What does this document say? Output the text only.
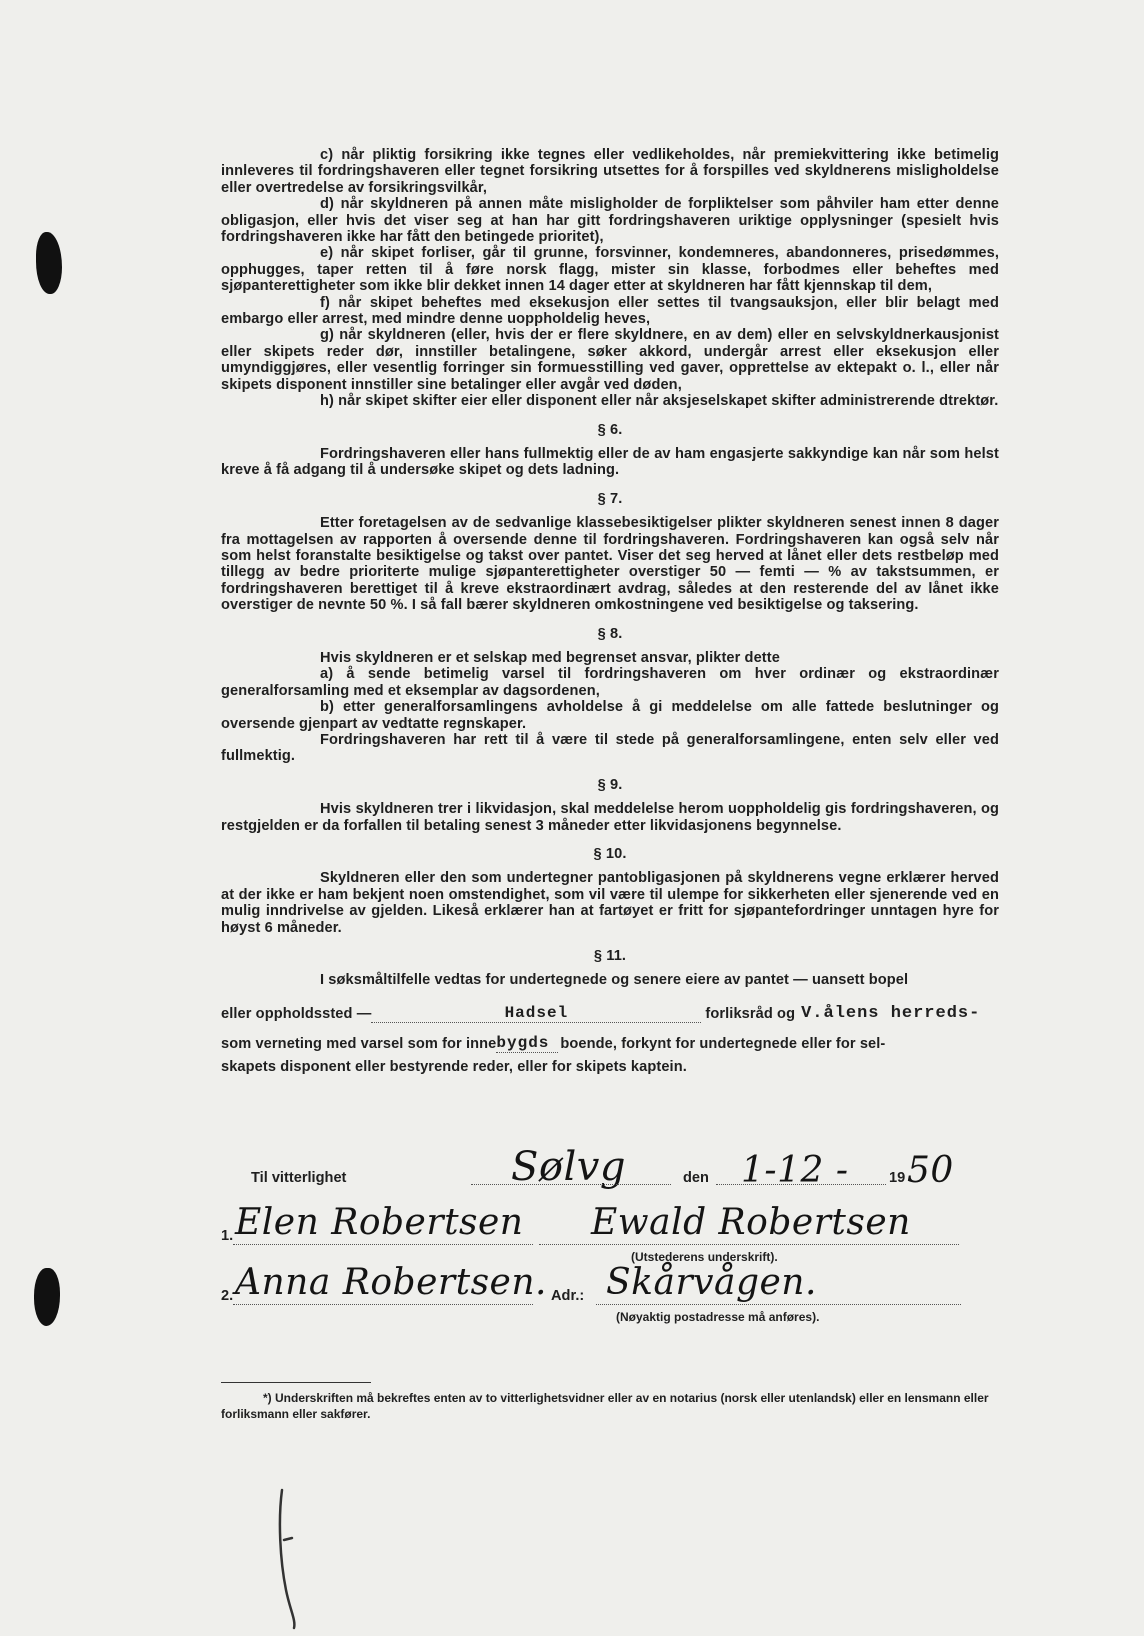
c) når pliktig forsikring ikke tegnes eller vedlikeholdes, når premiekvittering ikke betimelig innleveres til fordringshaveren eller tegnet forsikring utsettes for å forspilles ved skyldnerens misligholdelse eller overtredelse av forsikringsvilkår,

d) når skyldneren på annen måte misligholder de forpliktelser som påhviler ham etter denne obligasjon, eller hvis det viser seg at han har gitt fordringshaveren uriktige opplysninger (spesielt hvis fordringshaveren ikke har fått den betingede prioritet),

e) når skipet forliser, går til grunne, forsvinner, kondemneres, abandonneres, prisedømmes, opphugges, taper retten til å føre norsk flagg, mister sin klasse, forbodmes eller beheftes med sjøpanterettigheter som ikke blir dekket innen 14 dager etter at skyldneren har fått kjennskap til dem,

f) når skipet beheftes med eksekusjon eller settes til tvangsauksjon, eller blir belagt med embargo eller arrest, med mindre denne uoppholdelig heves,

g) når skyldneren (eller, hvis der er flere skyldnere, en av dem) eller en selvskyldnerkausjonist eller skipets reder dør, innstiller betalingene, søker akkord, undergår arrest eller eksekusjon eller umyndiggjøres, eller vesentlig forringer sin formuesstilling ved gaver, opprettelse av ektepakt o. l., eller når skipets disponent innstiller sine betalinger eller avgår ved døden,

h) når skipet skifter eier eller disponent eller når aksjeselskapet skifter administrerende dtrektør.

§ 6.

Fordringshaveren eller hans fullmektig eller de av ham engasjerte sakkyndige kan når som helst kreve å få adgang til å undersøke skipet og dets ladning.

§ 7.

Etter foretagelsen av de sedvanlige klassebesiktigelser plikter skyldneren senest innen 8 dager fra mottagelsen av rapporten å oversende denne til fordringshaveren. Fordringshaveren kan også selv når som helst foranstalte besiktigelse og takst over pantet. Viser det seg herved at lånet eller dets restbeløp med tillegg av bedre prioriterte mulige sjøpanterettigheter overstiger 50 — femti — % av takstsummen, er fordringshaveren berettiget til å kreve ekstraordinært avdrag, således at den resterende del av lånet ikke overstiger de nevnte 50 %. I så fall bærer skyldneren omkostningene ved besiktigelse og taksering.

§ 8.

Hvis skyldneren er et selskap med begrenset ansvar, plikter dette

a) å sende betimelig varsel til fordringshaveren om hver ordinær og ekstraordinær generalforsamling med et eksemplar av dagsordenen,

b) etter generalforsamlingens avholdelse å gi meddelelse om alle fattede beslutninger og oversende gjenpart av vedtatte regnskaper.

Fordringshaveren har rett til å være til stede på generalforsamlingene, enten selv eller ved fullmektig.

§ 9.

Hvis skyldneren trer i likvidasjon, skal meddelelse herom uoppholdelig gis fordringshaveren, og restgjelden er da forfallen til betaling senest 3 måneder etter likvidasjonens begynnelse.

§ 10.

Skyldneren eller den som undertegner pantobligasjonen på skyldnerens vegne erklærer herved at der ikke er ham bekjent noen omstendighet, som vil være til ulempe for sikkerheten eller sjenerende ved en mulig inndrivelse av gjelden. Likeså erklærer han at fartøyet er fritt for sjøpantefordringer unntagen hyre for høyst 6 måneder.

§ 11.

I søksmåltilfelle vedtas for undertegnede og senere eiere av pantet — uansett bopel

eller oppholdssted —	Hadsel	forliksråd og V.ålens herreds-
som verneting med varsel som for inne bygds boende, forkynt for undertegnede eller for sel-

skapets disponent eller bestyrende reder, eller for skipets kaptein.

Til vitterlighet	Sølvg	den 1-12 -	19 50
1. Elen Robertsen Ewald Robertsen
(Utstederens underskrift).
2. Anna Robertsen. Adr.: Skårvågen.
(Nøyaktig postadresse må anføres).

*) Underskriften må bekreftes enten av to vitterlighetsvidner eller av en notarius (norsk eller utenlandsk) eller en lensmann eller forliksmann eller sakfører.
